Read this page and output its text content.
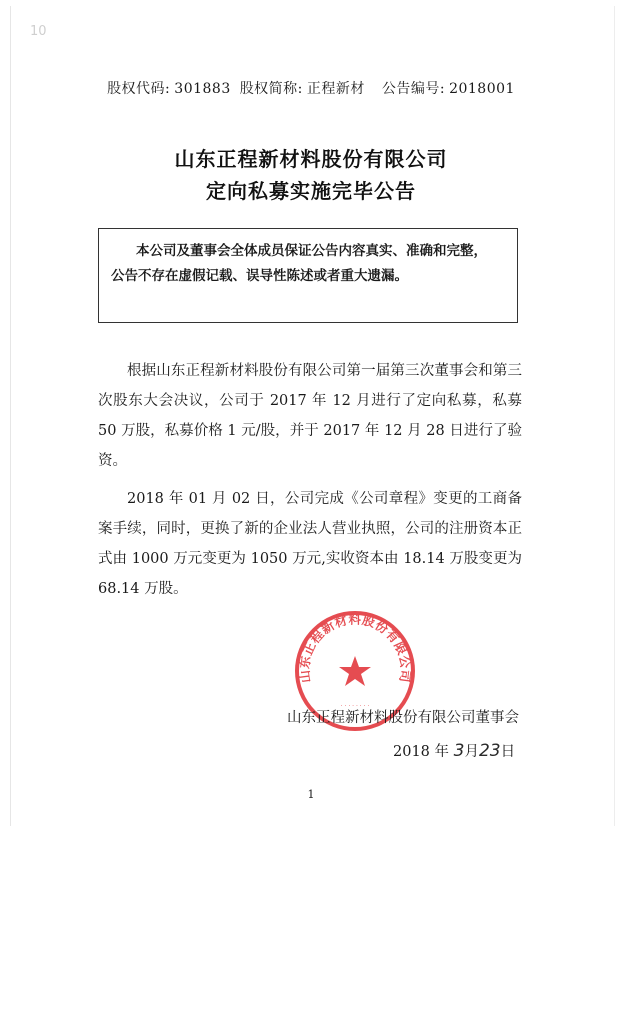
10
股权代码: 301883 股权简称: 正程新材 公告编号: 2018001
山东正程新材料股份有限公司
定向私募实施完毕公告

本公司及董事会全体成员保证公告内容真实、准确和完整，

公告不存在虚假记载、误导性陈述或者重大遗漏。

根据山东正程新材料股份有限公司第一届第三次董事会和第三次股东大会决议，公司于 2017 年 12 月进行了定向私募，私募 50 万股，私募价格 1 元/股，并于 2017 年 12 月 28 日进行了验资。

2018 年 01 月 02 日，公司完成《公司章程》变更的工商备案手续，同时，更换了新的企业法人营业执照，公司的注册资本正式由 1000 万元变更为 1050 万元,实收资本由 18.14 万股变更为 68.14 万股。

山东正程新材料股份有限公司
· · · · · · · ·
山东正程新材料股份有限公司董事会
2018 年 3月23日
1
